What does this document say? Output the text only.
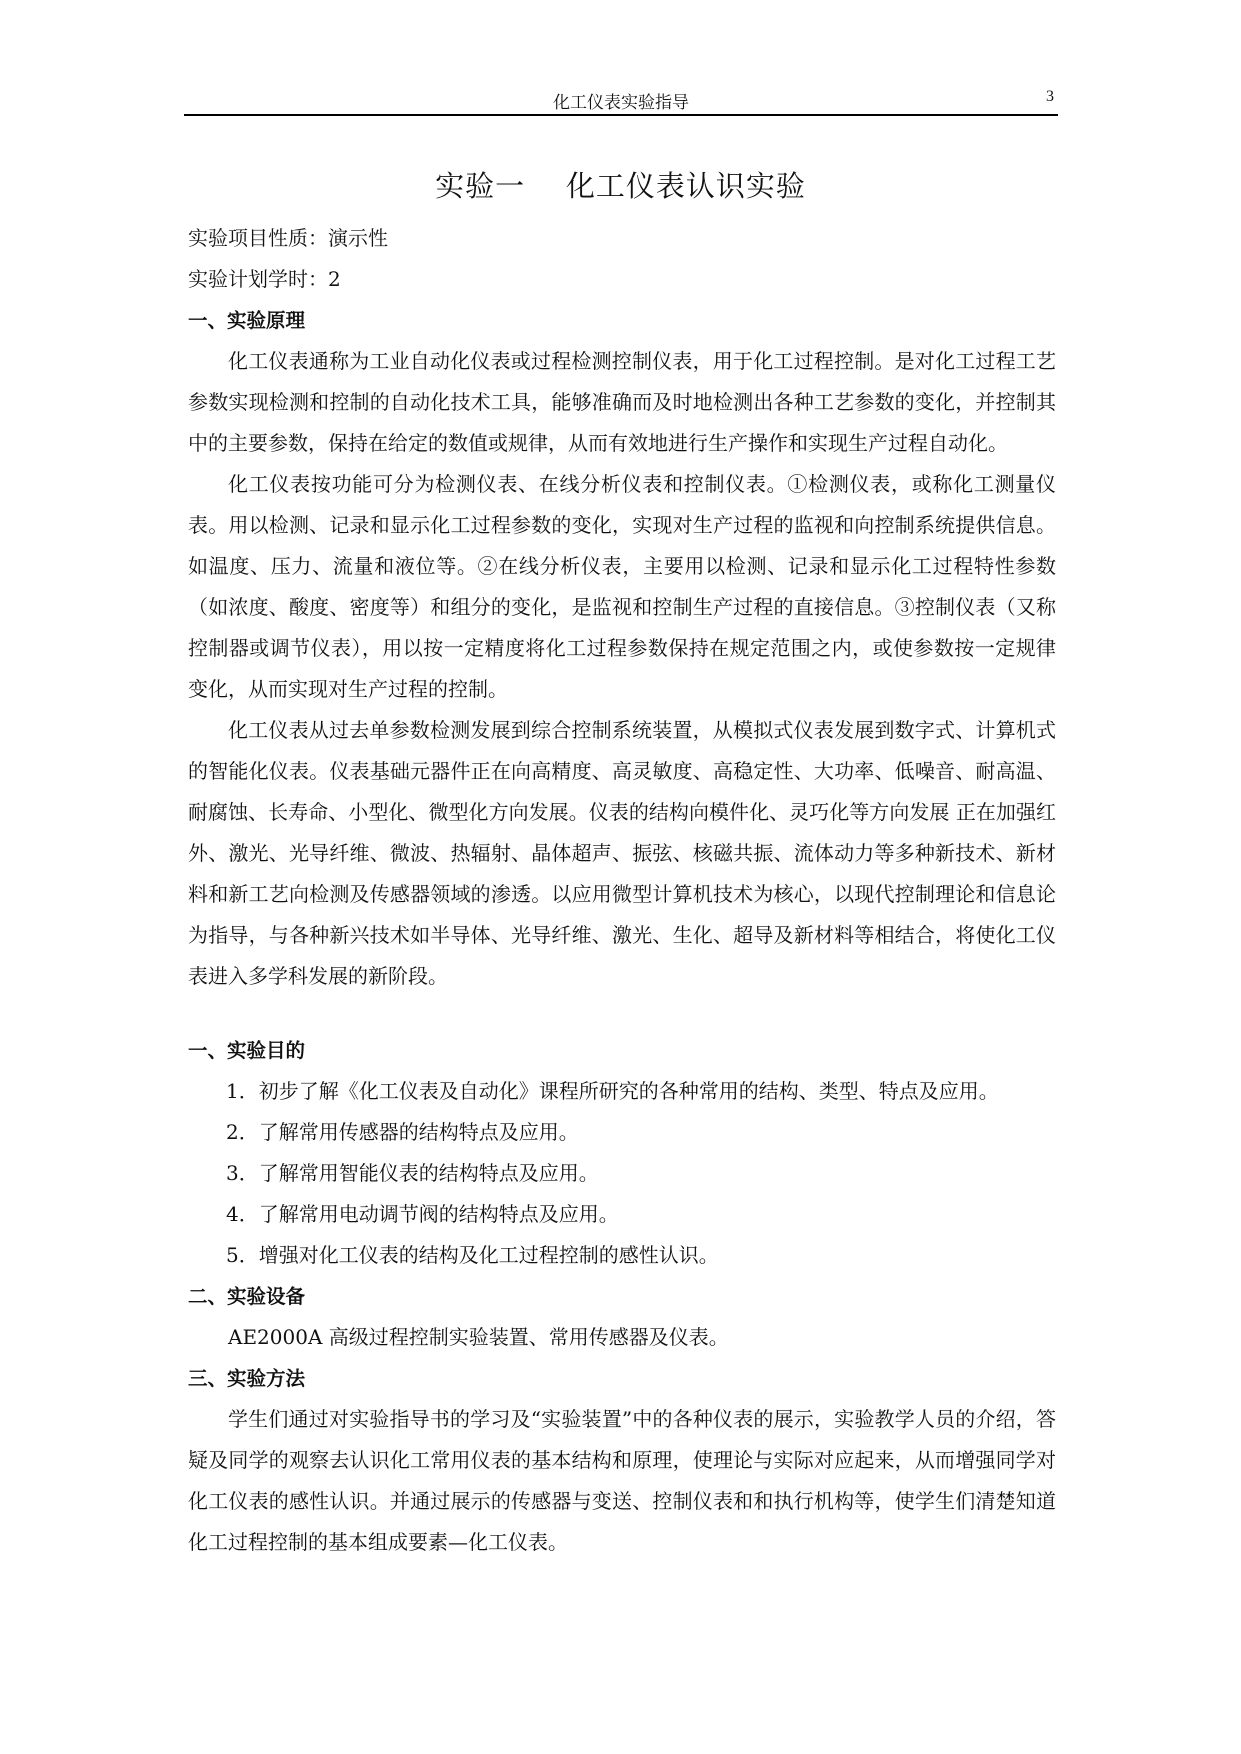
化工仪表实验指导	3
实验一    化工仪表认识实验

实验项目性质：演示性

实验计划学时：2

一、实验原理

化工仪表通称为工业自动化仪表或过程检测控制仪表，用于化工过程控制。是对化工过程工艺参数实现检测和控制的自动化技术工具，能够准确而及时地检测出各种工艺参数的变化，并控制其中的主要参数，保持在给定的数值或规律，从而有效地进行生产操作和实现生产过程自动化。

化工仪表按功能可分为检测仪表、在线分析仪表和控制仪表。①检测仪表，或称化工测量仪表。用以检测、记录和显示化工过程参数的变化，实现对生产过程的监视和向控制系统提供信息。如温度、压力、流量和液位等。②在线分析仪表，主要用以检测、记录和显示化工过程特性参数（如浓度、酸度、密度等）和组分的变化，是监视和控制生产过程的直接信息。③控制仪表（又称控制器或调节仪表），用以按一定精度将化工过程参数保持在规定范围之内，或使参数按一定规律变化，从而实现对生产过程的控制。

化工仪表从过去单参数检测发展到综合控制系统装置，从模拟式仪表发展到数字式、计算机式的智能化仪表。仪表基础元器件正在向高精度、高灵敏度、高稳定性、大功率、低噪音、耐高温、耐腐蚀、长寿命、小型化、微型化方向发展。仪表的结构向模件化、灵巧化等方向发展 正在加强红外、激光、光导纤维、微波、热辐射、晶体超声、振弦、核磁共振、流体动力等多种新技术、新材料和新工艺向检测及传感器领域的渗透。以应用微型计算机技术为核心，以现代控制理论和信息论为指导，与各种新兴技术如半导体、光导纤维、激光、生化、超导及新材料等相结合，将使化工仪表进入多学科发展的新阶段。

一、实验目的

1．初步了解《化工仪表及自动化》课程所研究的各种常用的结构、类型、特点及应用。

2．了解常用传感器的结构特点及应用。

3．了解常用智能仪表的结构特点及应用。

4．了解常用电动调节阀的结构特点及应用。

5．增强对化工仪表的结构及化工过程控制的感性认识。

二、实验设备

AE2000A 高级过程控制实验装置、常用传感器及仪表。

三、实验方法

学生们通过对实验指导书的学习及“实验装置”中的各种仪表的展示，实验教学人员的介绍，答疑及同学的观察去认识化工常用仪表的基本结构和原理，使理论与实际对应起来，从而增强同学对化工仪表的感性认识。并通过展示的传感器与变送、控制仪表和和执行机构等，使学生们清楚知道化工过程控制的基本组成要素—化工仪表。
